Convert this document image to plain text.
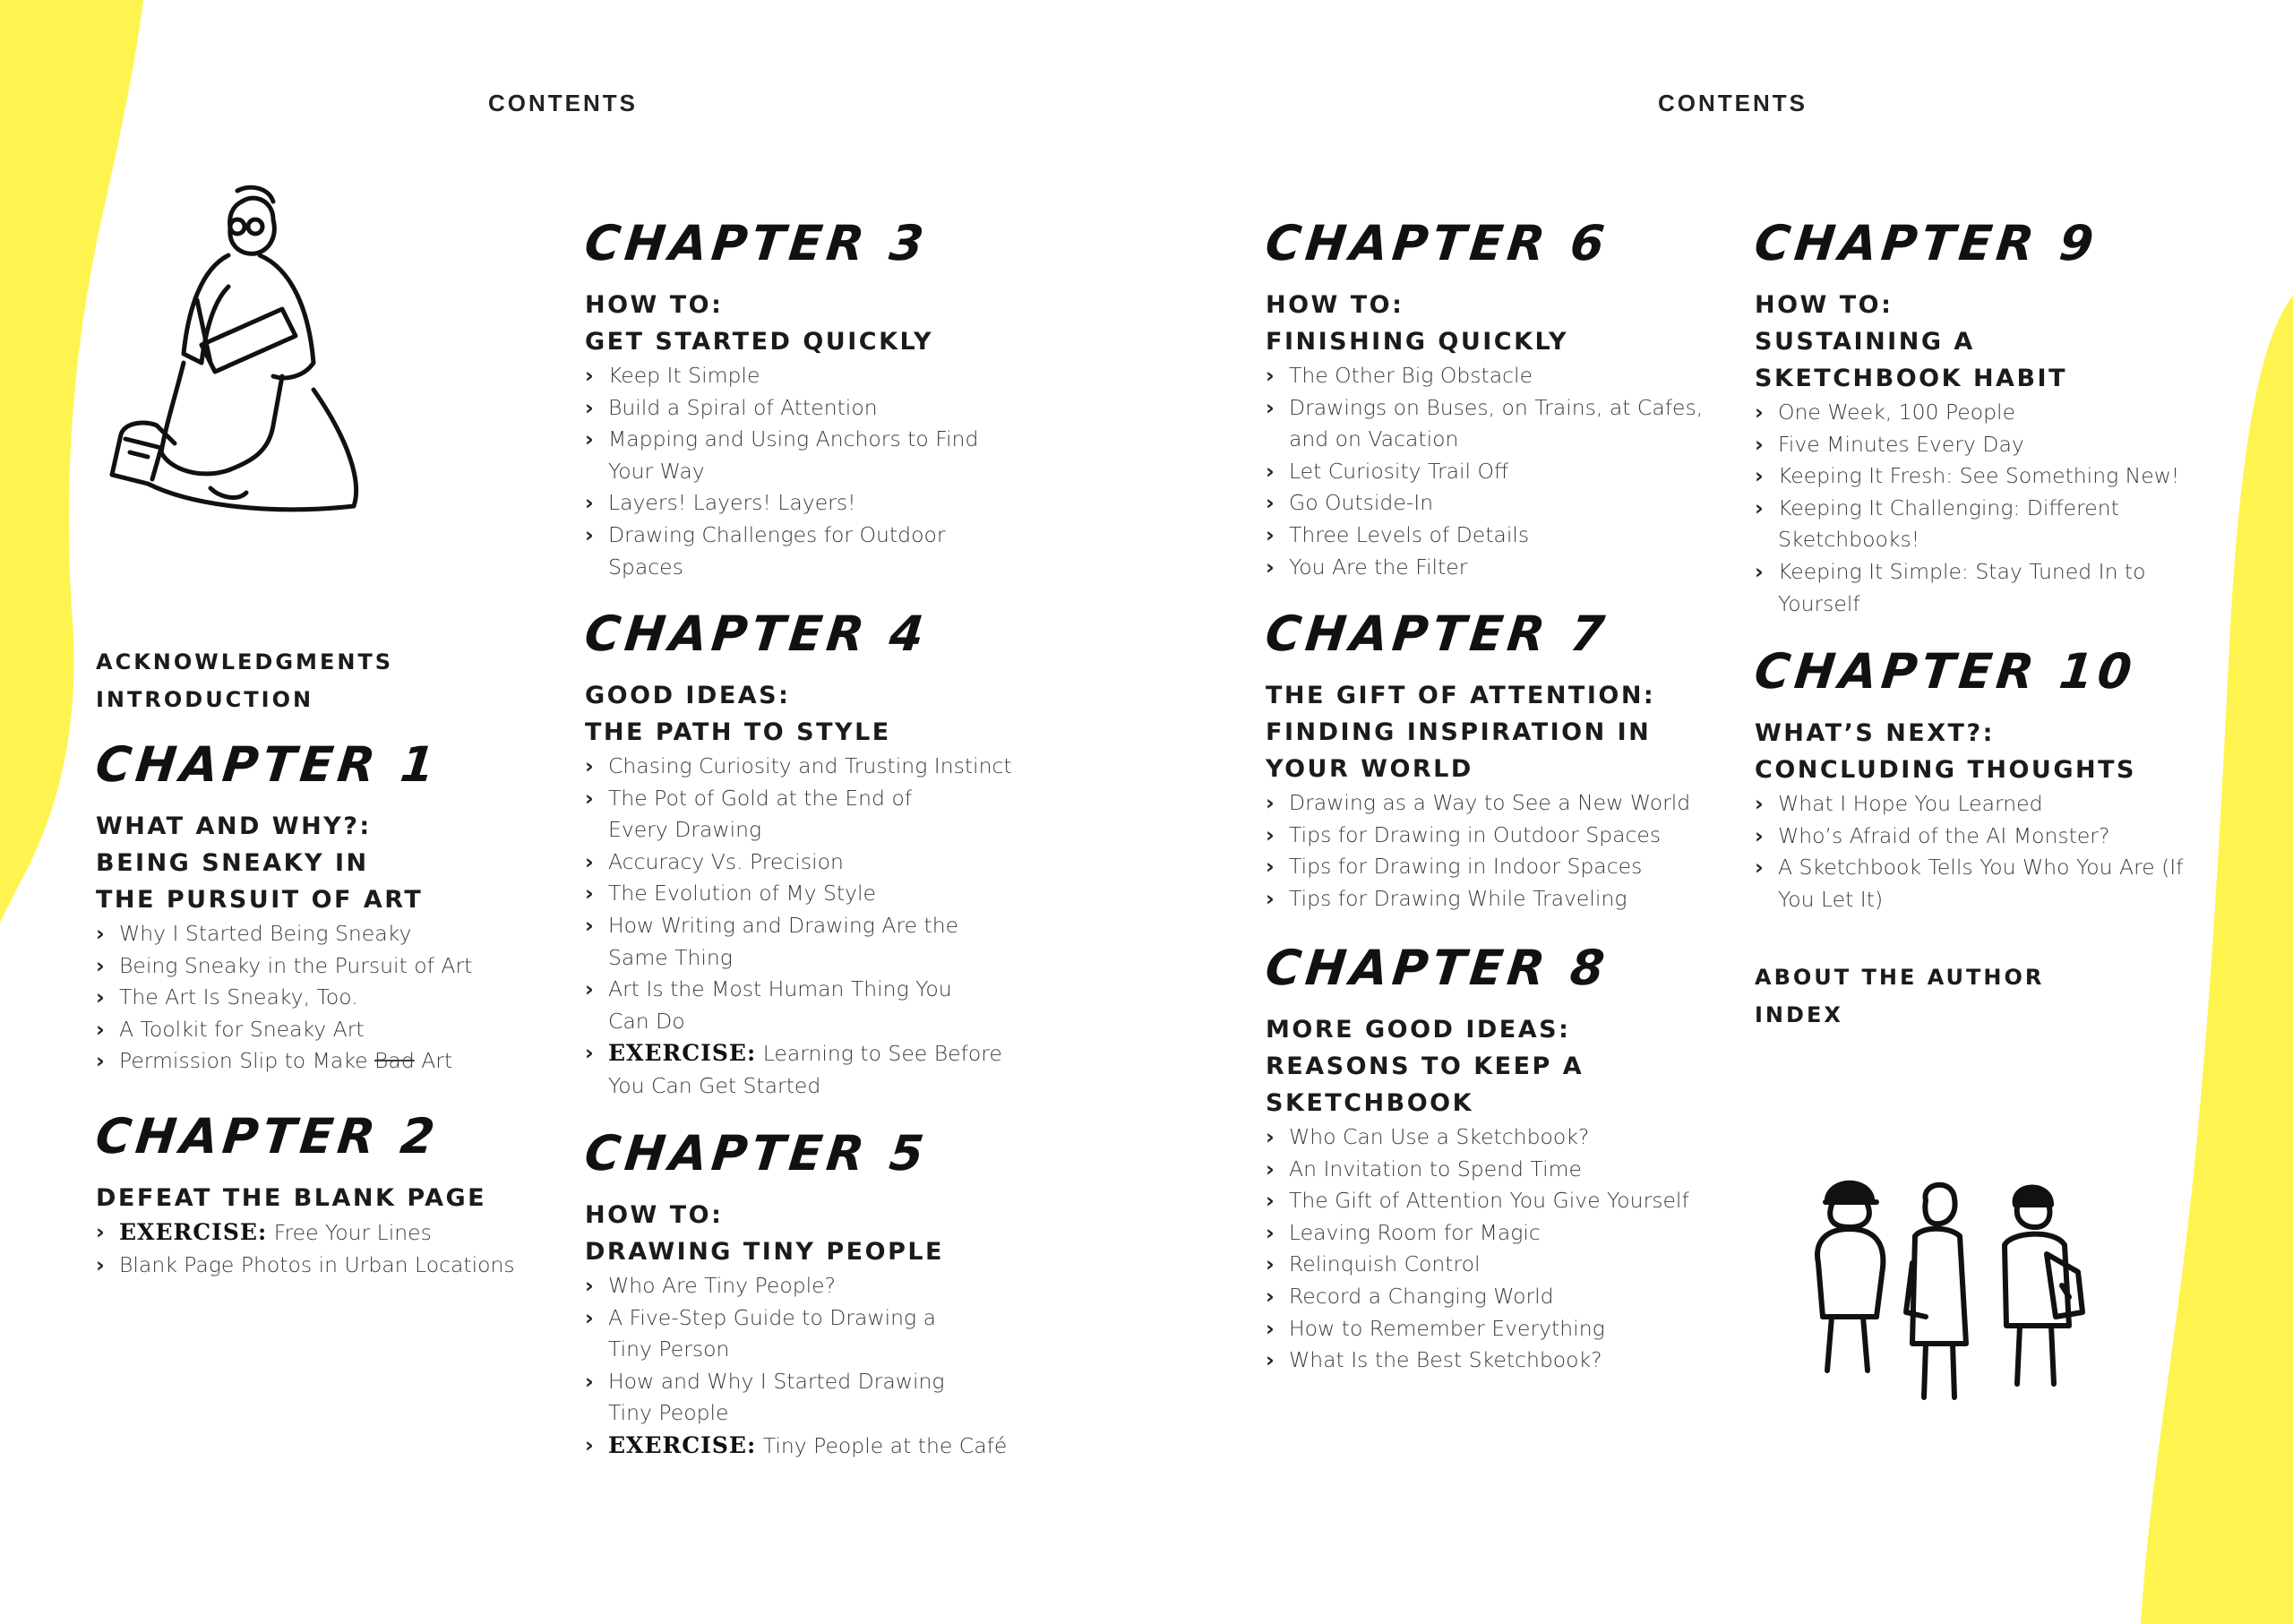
CONTENTS	CONTENTS
ACKNOWLEDGMENTS
INTRODUCTION
CHAPTER 1
WHAT AND WHY?:
BEING SNEAKY IN
THE PURSUIT OF ART
› Why I Started Being Sneaky
› Being Sneaky in the Pursuit of Art
› The Art Is Sneaky, Too.
› A Toolkit for Sneaky Art
› Permission Slip to Make Bad Art
CHAPTER 2
DEFEAT THE BLANK PAGE
› EXERCISE: Free Your Lines
› Blank Page Photos in Urban Locations
CHAPTER 3
HOW TO:
GET STARTED QUICKLY
› Keep It Simple
› Build a Spiral of Attention
› Mapping and Using Anchors to Find Your Way
› Layers! Layers! Layers!
› Drawing Challenges for Outdoor Spaces
CHAPTER 4
GOOD IDEAS:
THE PATH TO STYLE
› Chasing Curiosity and Trusting Instinct
› The Pot of Gold at the End of Every Drawing
› Accuracy Vs. Precision
› The Evolution of My Style
› How Writing and Drawing Are the Same Thing
› Art Is the Most Human Thing You Can Do
› EXERCISE: Learning to See Before You Can Get Started
CHAPTER 5
HOW TO:
DRAWING TINY PEOPLE
› Who Are Tiny People?
› A Five-Step Guide to Drawing a Tiny Person
› How and Why I Started Drawing Tiny People
› EXERCISE: Tiny People at the Café
CHAPTER 6
HOW TO:
FINISHING QUICKLY
› The Other Big Obstacle
› Drawings on Buses, on Trains, at Cafes, and on Vacation
› Let Curiosity Trail Off
› Go Outside-In
› Three Levels of Details
› You Are the Filter
CHAPTER 7
THE GIFT OF ATTENTION:
FINDING INSPIRATION IN
YOUR WORLD
› Drawing as a Way to See a New World
› Tips for Drawing in Outdoor Spaces
› Tips for Drawing in Indoor Spaces
› Tips for Drawing While Traveling
CHAPTER 8
MORE GOOD IDEAS:
REASONS TO KEEP A
SKETCHBOOK
› Who Can Use a Sketchbook?
› An Invitation to Spend Time
› The Gift of Attention You Give Yourself
› Leaving Room for Magic
› Relinquish Control
› Record a Changing World
› How to Remember Everything
› What Is the Best Sketchbook?
CHAPTER 9
HOW TO:
SUSTAINING A
SKETCHBOOK HABIT
› One Week, 100 People
› Five Minutes Every Day
› Keeping It Fresh: See Something New!
› Keeping It Challenging: Different Sketchbooks!
› Keeping It Simple: Stay Tuned In to Yourself
CHAPTER 10
WHAT’S NEXT?:
CONCLUDING THOUGHTS
› What I Hope You Learned
› Who’s Afraid of the AI Monster?
› A Sketchbook Tells You Who You Are (If You Let It)
ABOUT THE AUTHOR
INDEX
